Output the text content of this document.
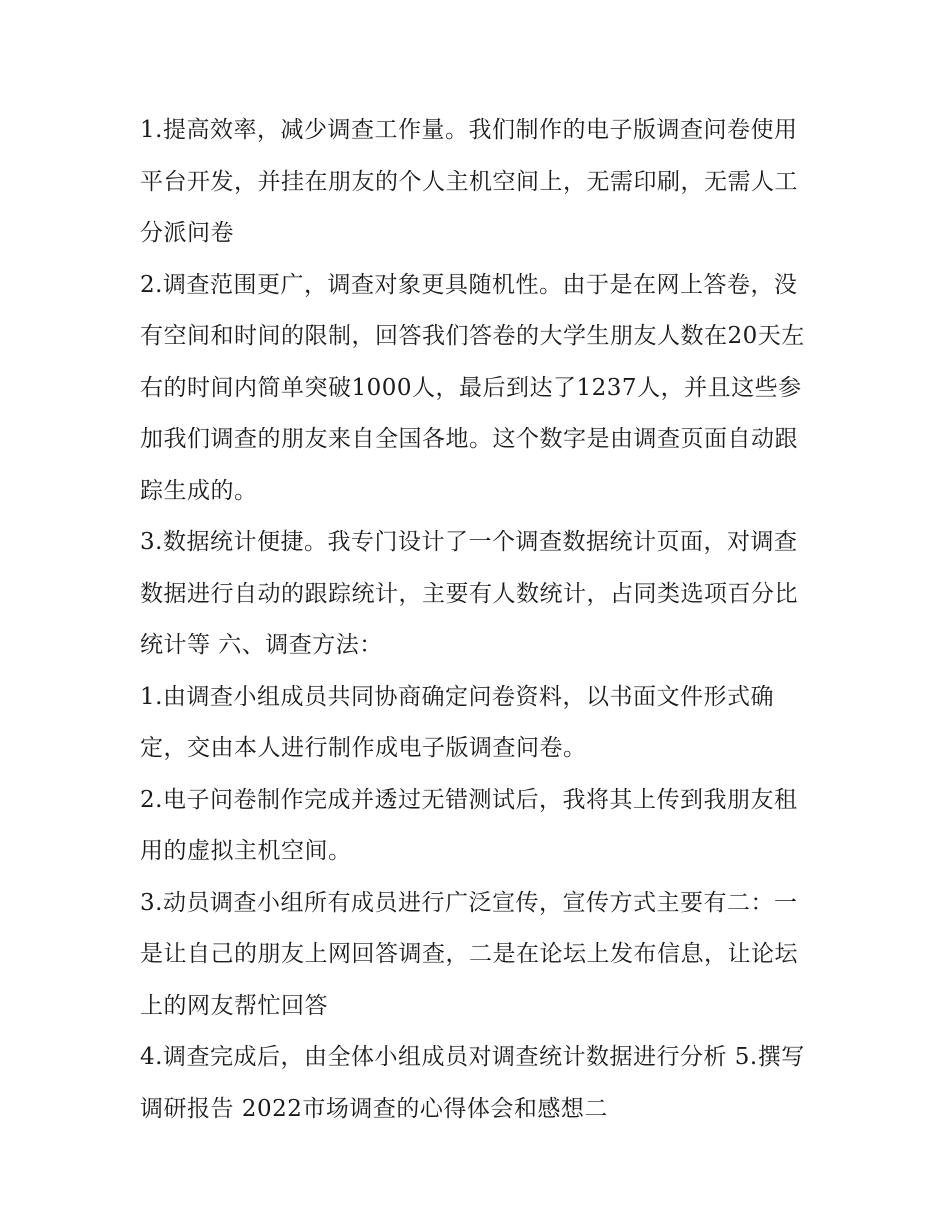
1.提高效率，减少调查工作量。我们制作的电子版调查问卷使用平台开发，并挂在朋友的个人主机空间上，无需印刷，无需人工分派问卷

2.调查范围更广，调查对象更具随机性。由于是在网上答卷，没有空间和时间的限制，回答我们答卷的大学生朋友人数在20天左右的时间内简单突破1000人，最后到达了1237人，并且这些参加我们调查的朋友来自全国各地。这个数字是由调查页面自动跟踪生成的。

3.数据统计便捷。我专门设计了一个调查数据统计页面，对调查数据进行自动的跟踪统计，主要有人数统计，占同类选项百分比统计等 六、调查方法：

1.由调查小组成员共同协商确定问卷资料，以书面文件形式确定，交由本人进行制作成电子版调查问卷。

2.电子问卷制作完成并透过无错测试后，我将其上传到我朋友租用的虚拟主机空间。

3.动员调查小组所有成员进行广泛宣传，宣传方式主要有二：一是让自己的朋友上网回答调查，二是在论坛上发布信息，让论坛上的网友帮忙回答

4.调查完成后，由全体小组成员对调查统计数据进行分析 5.撰写调研报告 2022市场调查的心得体会和感想二
